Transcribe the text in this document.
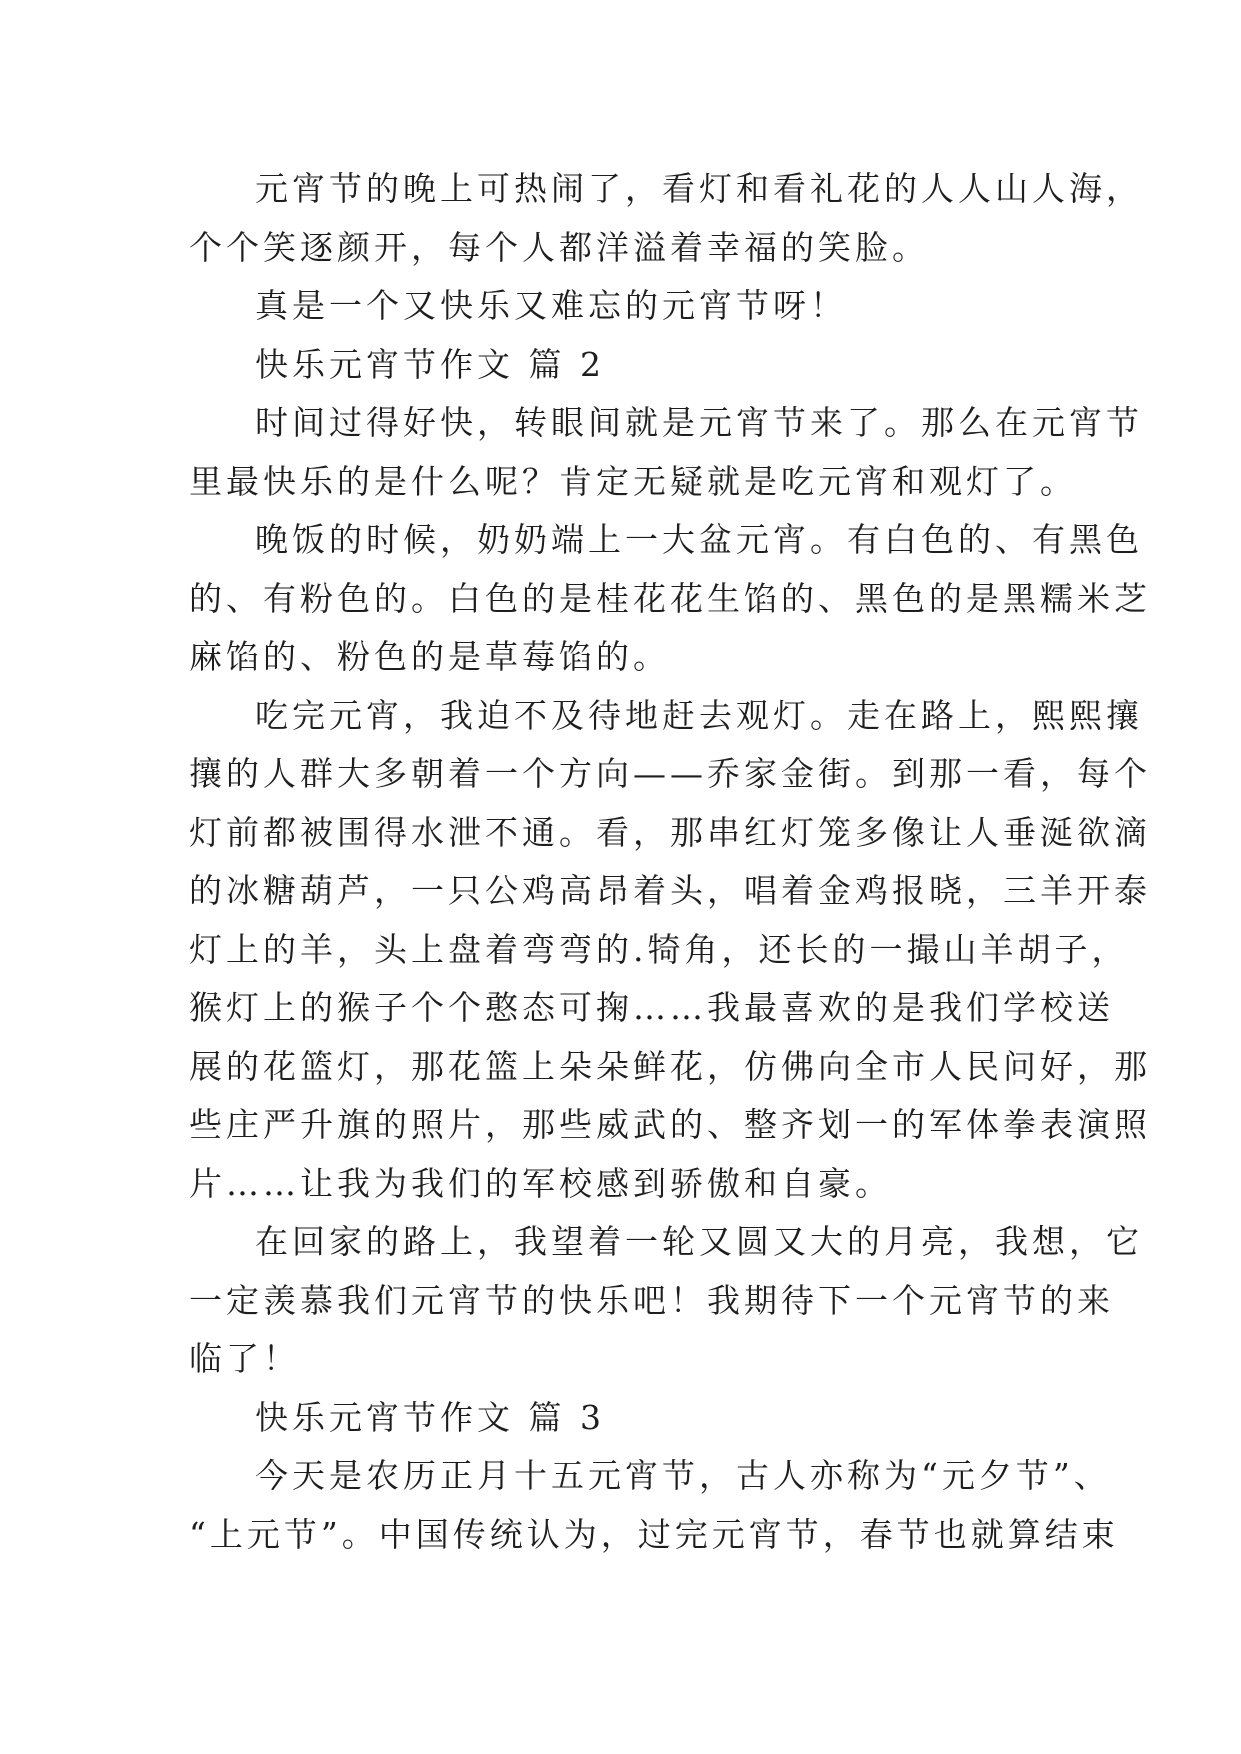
元宵节的晚上可热闹了，看灯和看礼花的人人山人海，
个个笑逐颜开，每个人都洋溢着幸福的笑脸。
真是一个又快乐又难忘的元宵节呀！
快乐元宵节作文 篇 2
时间过得好快，转眼间就是元宵节来了。那么在元宵节
里最快乐的是什么呢？肯定无疑就是吃元宵和观灯了。
晚饭的时候，奶奶端上一大盆元宵。有白色的、有黑色
的、有粉色的。白色的是桂花花生馅的、黑色的是黑糯米芝
麻馅的、粉色的是草莓馅的。
吃完元宵，我迫不及待地赶去观灯。走在路上，熙熙攘
攘的人群大多朝着一个方向——乔家金街。到那一看，每个
灯前都被围得水泄不通。看，那串红灯笼多像让人垂涎欲滴
的冰糖葫芦，一只公鸡高昂着头，唱着金鸡报晓，三羊开泰
灯上的羊，头上盘着弯弯的.犄角，还长的一撮山羊胡子，
猴灯上的猴子个个憨态可掬……我最喜欢的是我们学校送
展的花篮灯，那花篮上朵朵鲜花，仿佛向全市人民问好，那
些庄严升旗的照片，那些威武的、整齐划一的军体拳表演照
片……让我为我们的军校感到骄傲和自豪。
在回家的路上，我望着一轮又圆又大的月亮，我想，它
一定羡慕我们元宵节的快乐吧！我期待下一个元宵节的来
临了！
快乐元宵节作文 篇 3
今天是农历正月十五元宵节，古人亦称为“元夕节”、
“上元节”。中国传统认为，过完元宵节，春节也就算结束
